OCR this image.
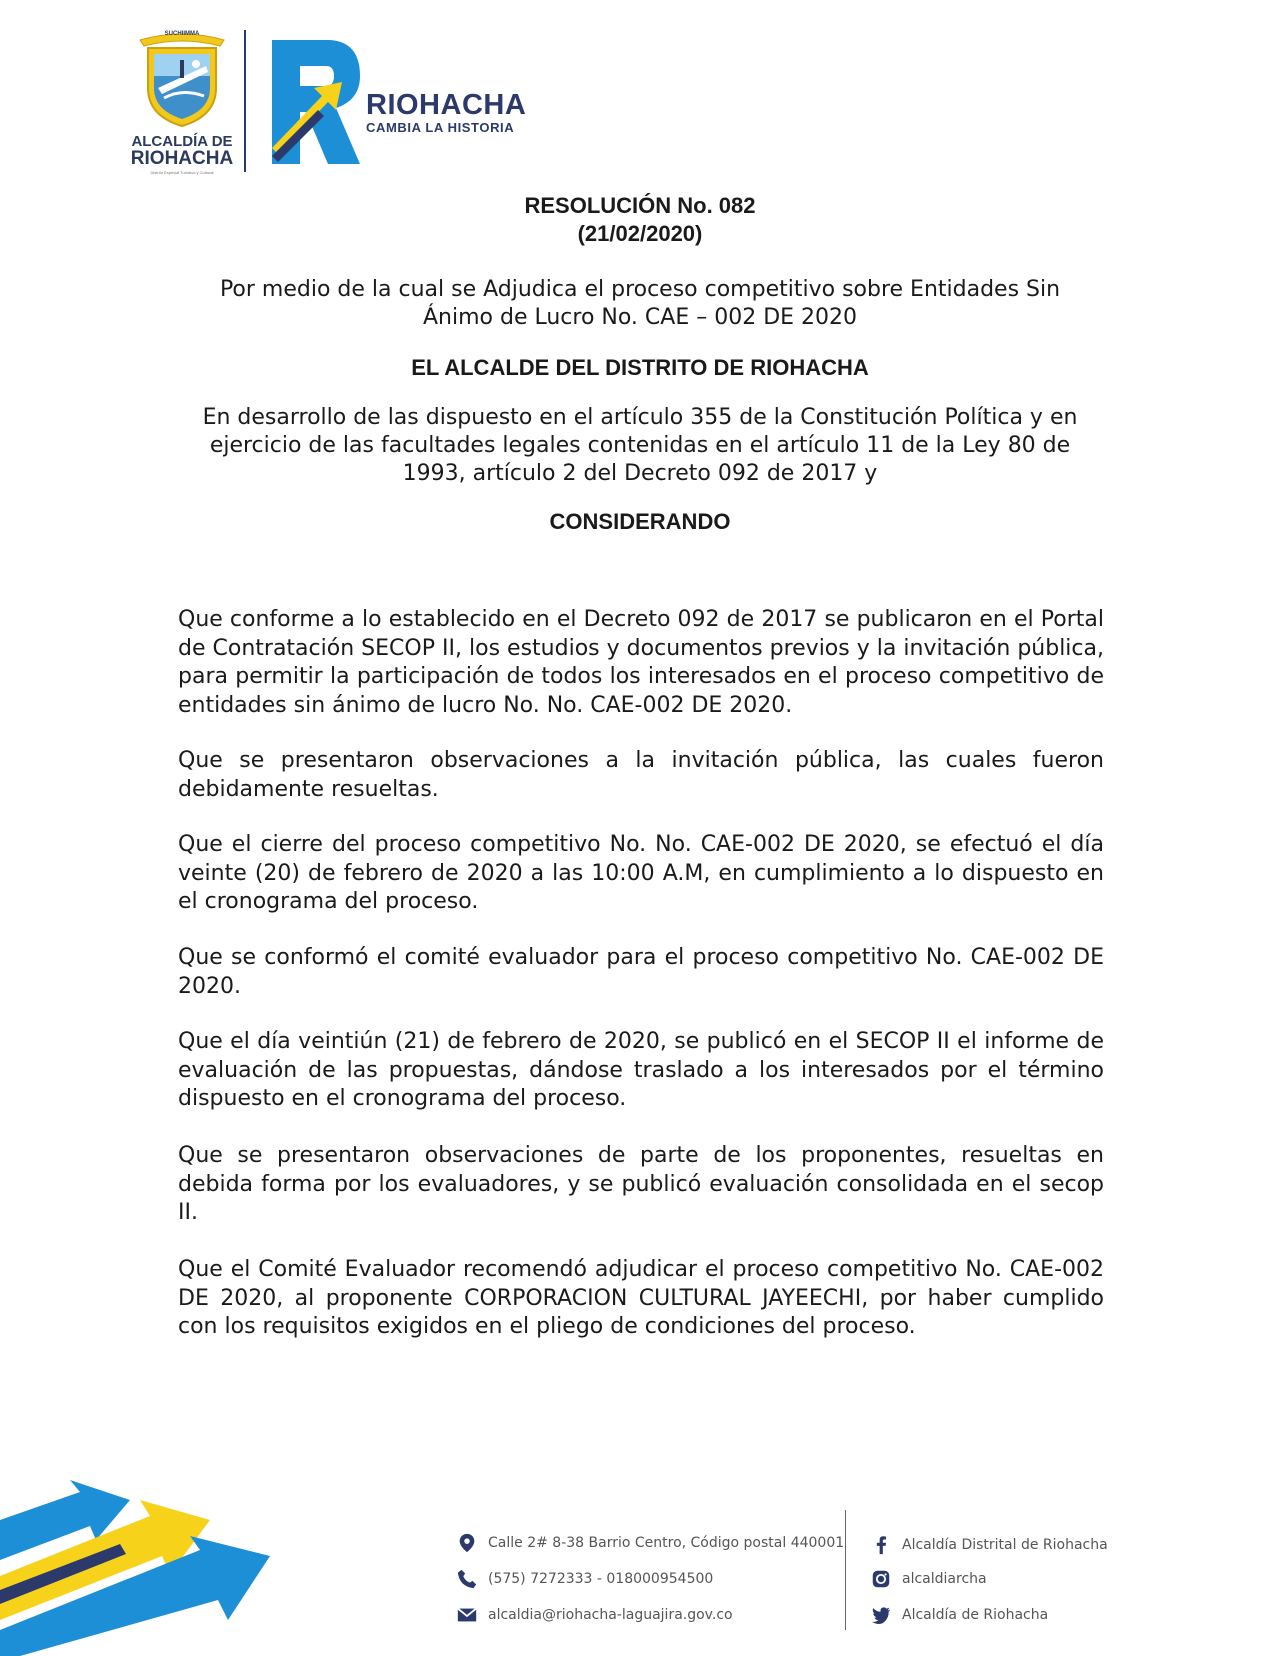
SUCHIIMMA
ALCALDÍA DE
RIOHACHA
Distrito Especial Turístico y Cultural
RIOHACHA
CAMBIA LA HISTORIA
RESOLUCIÓN No. 082
(21/02/2020)
Por medio de la cual se Adjudica el proceso competitivo sobre Entidades Sin
Ánimo de Lucro No. CAE – 002 DE 2020
EL ALCALDE DEL DISTRITO DE RIOHACHA
En desarrollo de las dispuesto en el artículo 355 de la Constitución Política y en
ejercicio de las facultades legales contenidas en el artículo 11 de la Ley 80 de
1993, artículo 2 del Decreto 092 de 2017 y
CONSIDERANDO
Que conforme a lo establecido en el Decreto 092 de 2017 se publicaron en el Portal de Contratación SECOP II, los estudios y documentos previos y la invitación pública, para permitir la participación de todos los interesados en el proceso competitivo de entidades sin ánimo de lucro No. No. CAE-002 DE 2020.
Que se presentaron observaciones a la invitación pública, las cuales fueron debidamente resueltas.
Que el cierre del proceso competitivo No. No. CAE-002 DE 2020, se efectuó el día veinte (20) de febrero de 2020 a las 10:00 A.M, en cumplimiento a lo dispuesto en el cronograma del proceso.
Que se conformó el comité evaluador para el proceso competitivo No. CAE-002 DE 2020.
Que el día veintiún (21) de febrero de 2020, se publicó en el SECOP II el informe de evaluación de las propuestas, dándose traslado a los interesados por el término dispuesto en el cronograma del proceso.
Que se presentaron observaciones de parte de los proponentes, resueltas en debida forma por los evaluadores, y se publicó evaluación consolidada en el secop II.
Que el Comité Evaluador recomendó adjudicar el proceso competitivo No. CAE-002 DE 2020, al proponente CORPORACION CULTURAL JAYEECHI, por haber cumplido con los requisitos exigidos en el pliego de condiciones del proceso.
Calle 2# 8-38 Barrio Centro, Código postal 440001
(575) 7272333 - 018000954500
alcaldia@riohacha-laguajira.gov.co
Alcaldía Distrital de Riohacha
alcaldiarcha
Alcaldía de Riohacha
